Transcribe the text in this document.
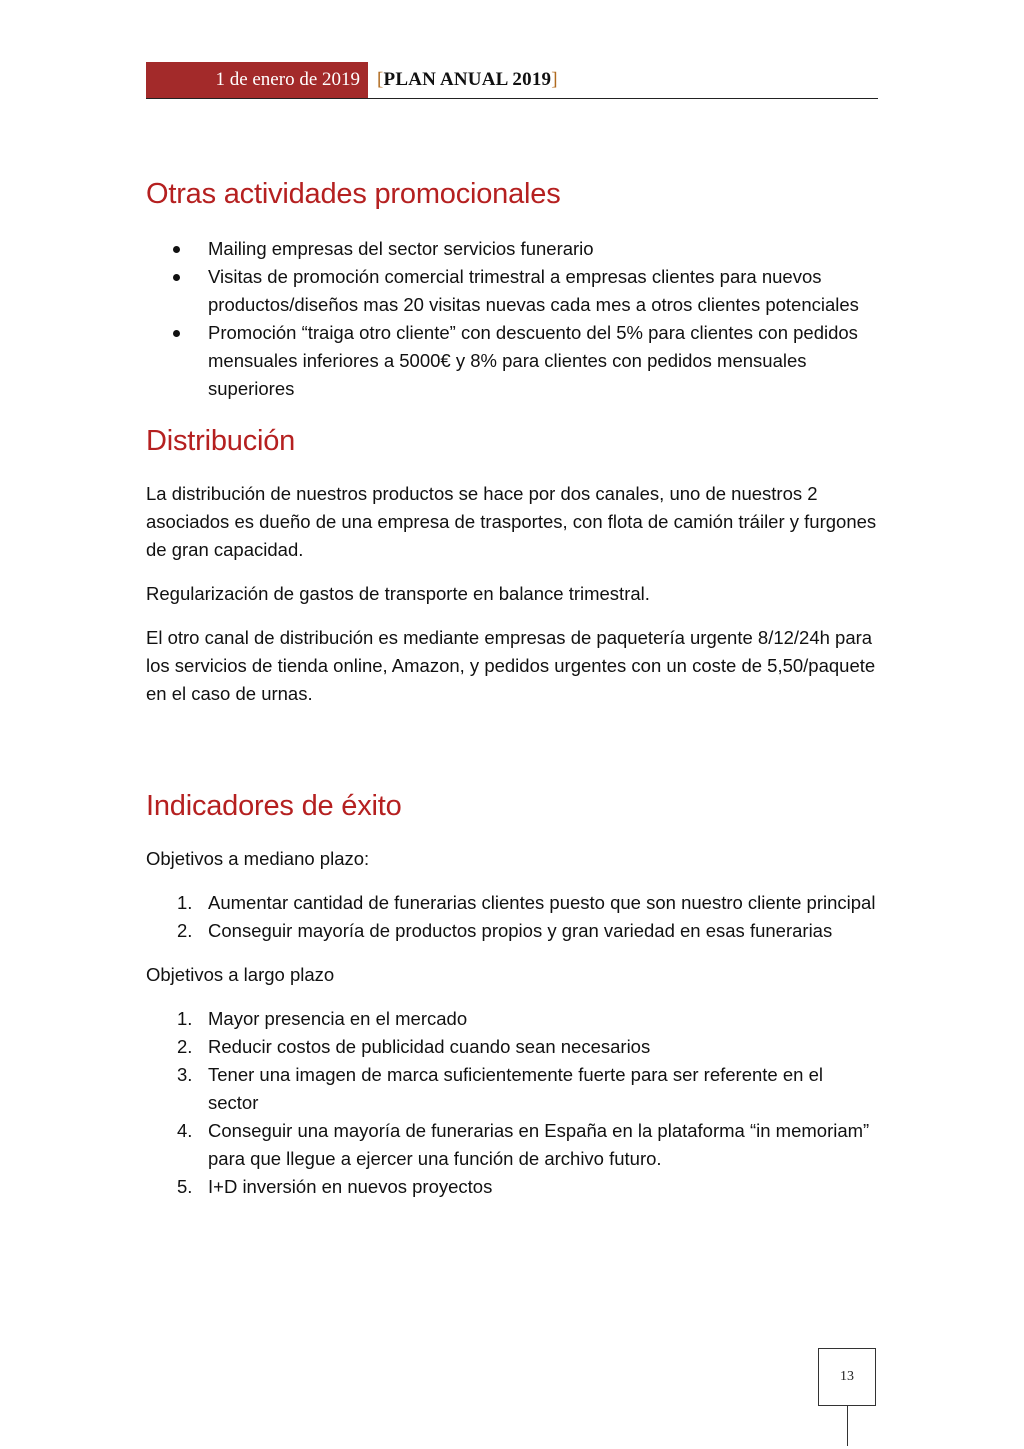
1 de enero de 2019 [PLAN ANUAL 2019]
Otras actividades promocionales
Mailing empresas del sector servicios funerario
Visitas de promoción comercial trimestral a empresas clientes para nuevos productos/diseños mas 20 visitas nuevas cada mes a otros clientes potenciales
Promoción “traiga otro cliente” con descuento del 5% para clientes con pedidos mensuales inferiores a 5000€ y 8% para clientes con pedidos mensuales superiores
Distribución

La distribución de nuestros productos se hace por dos canales, uno de nuestros 2 asociados es dueño de una empresa de trasportes, con flota de camión tráiler y furgones de gran capacidad.

Regularización de gastos de transporte en balance trimestral.

El otro canal de distribución es mediante empresas de paquetería urgente 8/12/24h para los servicios de tienda online, Amazon, y pedidos urgentes con un coste de 5,50/paquete en el caso de urnas.

Indicadores de éxito

Objetivos a mediano plazo:

1. Aumentar cantidad de funerarias clientes puesto que son nuestro cliente principal
2. Conseguir mayoría de productos propios y gran variedad en esas funerarias

Objetivos a largo plazo

1. Mayor presencia en el mercado
2. Reducir costos de publicidad cuando sean necesarios
3. Tener una imagen de marca suficientemente fuerte para ser referente en el sector
4. Conseguir una mayoría de funerarias en España en la plataforma “in memoriam” para que llegue a ejercer una función de archivo futuro.
5. I+D inversión en nuevos proyectos
13
